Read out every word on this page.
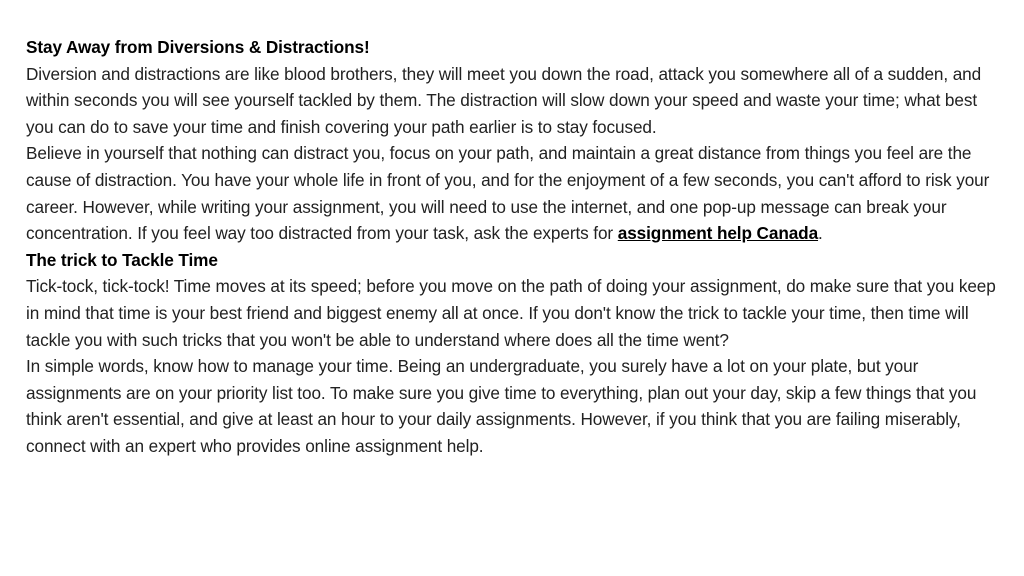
Stay Away from Diversions & Distractions!

Diversion and distractions are like blood brothers, they will meet you down the road, attack you somewhere all of a sudden, and within seconds you will see yourself tackled by them. The distraction will slow down your speed and waste your time; what best you can do to save your time and finish covering your path earlier is to stay focused.

Believe in yourself that nothing can distract you, focus on your path, and maintain a great distance from things you feel are the cause of distraction. You have your whole life in front of you, and for the enjoyment of a few seconds, you can't afford to risk your career. However, while writing your assignment, you will need to use the internet, and one pop-up message can break your concentration. If you feel way too distracted from your task, ask the experts for assignment help Canada.

The trick to Tackle Time

Tick-tock, tick-tock! Time moves at its speed; before you move on the path of doing your assignment, do make sure that you keep in mind that time is your best friend and biggest enemy all at once. If you don't know the trick to tackle your time, then time will tackle you with such tricks that you won't be able to understand where does all the time went?

In simple words, know how to manage your time. Being an undergraduate, you surely have a lot on your plate, but your assignments are on your priority list too. To make sure you give time to everything, plan out your day, skip a few things that you think aren't essential, and give at least an hour to your daily assignments. However, if you think that you are failing miserably, connect with an expert who provides online assignment help.
